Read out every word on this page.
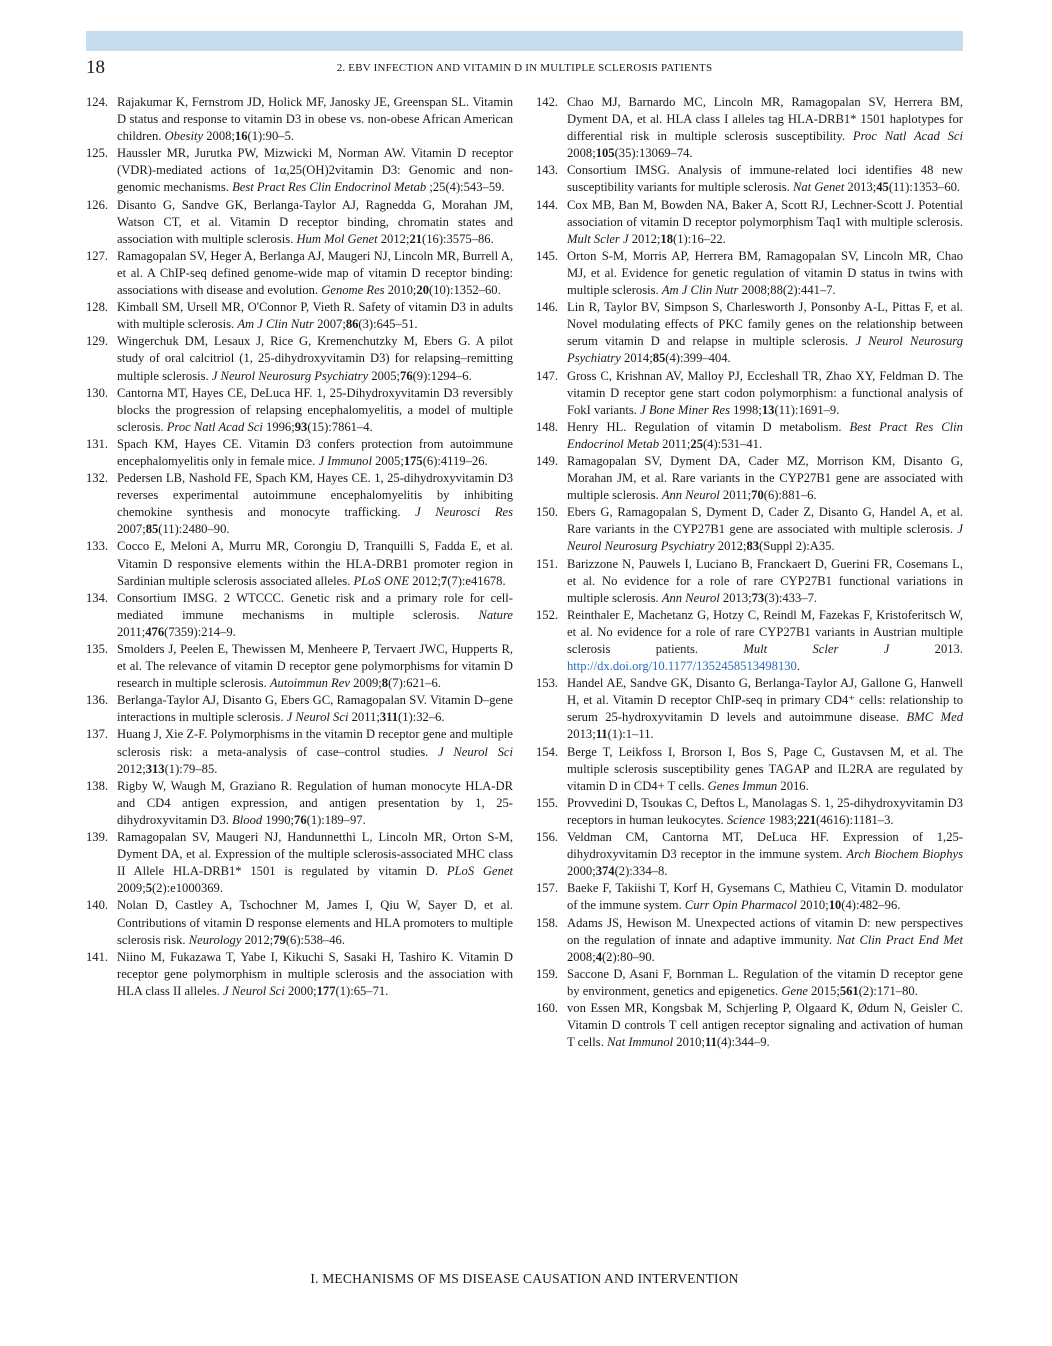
18	2. EBV INFECTION AND VITAMIN D IN MULTIPLE SCLEROSIS PATIENTS
124. Rajakumar K, Fernstrom JD, Holick MF, Janosky JE, Greenspan SL. Vitamin D status and response to vitamin D3 in obese vs. non-obese African American children. Obesity 2008;16(1):90–5.
125. Haussler MR, Jurutka PW, Mizwicki M, Norman AW. Vitamin D receptor (VDR)-mediated actions of 1α,25(OH)2vitamin D3: Genomic and non-genomic mechanisms. Best Pract Res Clin Endocrinol Metab ;25(4):543–59.
126. Disanto G, Sandve GK, Berlanga-Taylor AJ, Ragnedda G, Morahan JM, Watson CT, et al. Vitamin D receptor binding, chromatin states and association with multiple sclerosis. Hum Mol Genet 2012;21(16):3575–86.
127. Ramagopalan SV, Heger A, Berlanga AJ, Maugeri NJ, Lincoln MR, Burrell A, et al. A ChIP-seq defined genome-wide map of vitamin D receptor binding: associations with disease and evolution. Genome Res 2010;20(10):1352–60.
128. Kimball SM, Ursell MR, O'Connor P, Vieth R. Safety of vitamin D3 in adults with multiple sclerosis. Am J Clin Nutr 2007;86(3):645–51.
129. Wingerchuk DM, Lesaux J, Rice G, Kremenchutzky M, Ebers G. A pilot study of oral calcitriol (1, 25-dihydroxyvitamin D3) for relapsing–remitting multiple sclerosis. J Neurol Neurosurg Psychiatry 2005;76(9):1294–6.
130. Cantorna MT, Hayes CE, DeLuca HF. 1, 25-Dihydroxyvitamin D3 reversibly blocks the progression of relapsing encephalomyelitis, a model of multiple sclerosis. Proc Natl Acad Sci 1996;93(15):7861–4.
131. Spach KM, Hayes CE. Vitamin D3 confers protection from autoimmune encephalomyelitis only in female mice. J Immunol 2005;175(6):4119–26.
132. Pedersen LB, Nashold FE, Spach KM, Hayes CE. 1, 25-dihydroxyvitamin D3 reverses experimental autoimmune encephalomyelitis by inhibiting chemokine synthesis and monocyte trafficking. J Neurosci Res 2007;85(11):2480–90.
133. Cocco E, Meloni A, Murru MR, Corongiu D, Tranquilli S, Fadda E, et al. Vitamin D responsive elements within the HLA-DRB1 promoter region in Sardinian multiple sclerosis associated alleles. PLoS ONE 2012;7(7):e41678.
134. Consortium IMSG. 2 WTCCC. Genetic risk and a primary role for cell-mediated immune mechanisms in multiple sclerosis. Nature 2011;476(7359):214–9.
135. Smolders J, Peelen E, Thewissen M, Menheere P, Tervaert JWC, Hupperts R, et al. The relevance of vitamin D receptor gene polymorphisms for vitamin D research in multiple sclerosis. Autoimmun Rev 2009;8(7):621–6.
136. Berlanga-Taylor AJ, Disanto G, Ebers GC, Ramagopalan SV. Vitamin D–gene interactions in multiple sclerosis. J Neurol Sci 2011;311(1):32–6.
137. Huang J, Xie Z-F. Polymorphisms in the vitamin D receptor gene and multiple sclerosis risk: a meta-analysis of case–control studies. J Neurol Sci 2012;313(1):79–85.
138. Rigby W, Waugh M, Graziano R. Regulation of human monocyte HLA-DR and CD4 antigen expression, and antigen presentation by 1, 25-dihydroxyvitamin D3. Blood 1990;76(1):189–97.
139. Ramagopalan SV, Maugeri NJ, Handunnetthi L, Lincoln MR, Orton S-M, Dyment DA, et al. Expression of the multiple sclerosis-associated MHC class II Allele HLA-DRB1* 1501 is regulated by vitamin D. PLoS Genet 2009;5(2):e1000369.
140. Nolan D, Castley A, Tschochner M, James I, Qiu W, Sayer D, et al. Contributions of vitamin D response elements and HLA promoters to multiple sclerosis risk. Neurology 2012;79(6):538–46.
141. Niino M, Fukazawa T, Yabe I, Kikuchi S, Sasaki H, Tashiro K. Vitamin D receptor gene polymorphism in multiple sclerosis and the association with HLA class II alleles. J Neurol Sci 2000;177(1):65–71.
142. Chao MJ, Barnardo MC, Lincoln MR, Ramagopalan SV, Herrera BM, Dyment DA, et al. HLA class I alleles tag HLA-DRB1* 1501 haplotypes for differential risk in multiple sclerosis susceptibility. Proc Natl Acad Sci 2008;105(35):13069–74.
143. Consortium IMSG. Analysis of immune-related loci identifies 48 new susceptibility variants for multiple sclerosis. Nat Genet 2013;45(11):1353–60.
144. Cox MB, Ban M, Bowden NA, Baker A, Scott RJ, Lechner-Scott J. Potential association of vitamin D receptor polymorphism Taq1 with multiple sclerosis. Mult Scler J 2012;18(1):16–22.
145. Orton S-M, Morris AP, Herrera BM, Ramagopalan SV, Lincoln MR, Chao MJ, et al. Evidence for genetic regulation of vitamin D status in twins with multiple sclerosis. Am J Clin Nutr 2008;88(2):441–7.
146. Lin R, Taylor BV, Simpson S, Charlesworth J, Ponsonby A-L, Pittas F, et al. Novel modulating effects of PKC family genes on the relationship between serum vitamin D and relapse in multiple sclerosis. J Neurol Neurosurg Psychiatry 2014;85(4):399–404.
147. Gross C, Krishnan AV, Malloy PJ, Eccleshall TR, Zhao XY, Feldman D. The vitamin D receptor gene start codon polymorphism: a functional analysis of FokI variants. J Bone Miner Res 1998;13(11):1691–9.
148. Henry HL. Regulation of vitamin D metabolism. Best Pract Res Clin Endocrinol Metab 2011;25(4):531–41.
149. Ramagopalan SV, Dyment DA, Cader MZ, Morrison KM, Disanto G, Morahan JM, et al. Rare variants in the CYP27B1 gene are associated with multiple sclerosis. Ann Neurol 2011;70(6):881–6.
150. Ebers G, Ramagopalan S, Dyment D, Cader Z, Disanto G, Handel A, et al. Rare variants in the CYP27B1 gene are associated with multiple sclerosis. J Neurol Neurosurg Psychiatry 2012;83(Suppl 2):A35.
151. Barizzone N, Pauwels I, Luciano B, Franckaert D, Guerini FR, Cosemans L, et al. No evidence for a role of rare CYP27B1 functional variations in multiple sclerosis. Ann Neurol 2013;73(3):433–7.
152. Reinthaler E, Machetanz G, Hotzy C, Reindl M, Fazekas F, Kristoferitsch W, et al. No evidence for a role of rare CYP27B1 variants in Austrian multiple sclerosis patients.	Mult Scler J	2013. http://dx.doi.org/10.1177/1352458513498130.
153. Handel AE, Sandve GK, Disanto G, Berlanga-Taylor AJ, Gallone G, Hanwell H, et al. Vitamin D receptor ChIP-seq in primary CD4⁺ cells: relationship to serum 25-hydroxyvitamin D levels and autoimmune disease. BMC Med 2013;11(1):1–11.
154. Berge T, Leikfoss I, Brorson I, Bos S, Page C, Gustavsen M, et al. The multiple sclerosis susceptibility genes TAGAP and IL2RA are regulated by vitamin D in CD4+ T cells. Genes Immun 2016.
155. Provvedini D, Tsoukas C, Deftos L, Manolagas S. 1, 25-dihydroxyvitamin D3 receptors in human leukocytes. Science 1983;221(4616):1181–3.
156. Veldman CM, Cantorna MT, DeLuca HF. Expression of 1,25-dihydroxyvitamin D3 receptor in the immune system. Arch Biochem Biophys 2000;374(2):334–8.
157. Baeke F, Takiishi T, Korf H, Gysemans C, Mathieu C, Vitamin D. modulator of the immune system. Curr Opin Pharmacol 2010;10(4):482–96.
158. Adams JS, Hewison M. Unexpected actions of vitamin D: new perspectives on the regulation of innate and adaptive immunity. Nat Clin Pract End Met 2008;4(2):80–90.
159. Saccone D, Asani F, Bornman L. Regulation of the vitamin D receptor gene by environment, genetics and epigenetics. Gene 2015;561(2):171–80.
160. von Essen MR, Kongsbak M, Schjerling P, Olgaard K, Ødum N, Geisler C. Vitamin D controls T cell antigen receptor signaling and activation of human T cells. Nat Immunol 2010;11(4):344–9.
I. MECHANISMS OF MS DISEASE CAUSATION AND INTERVENTION
